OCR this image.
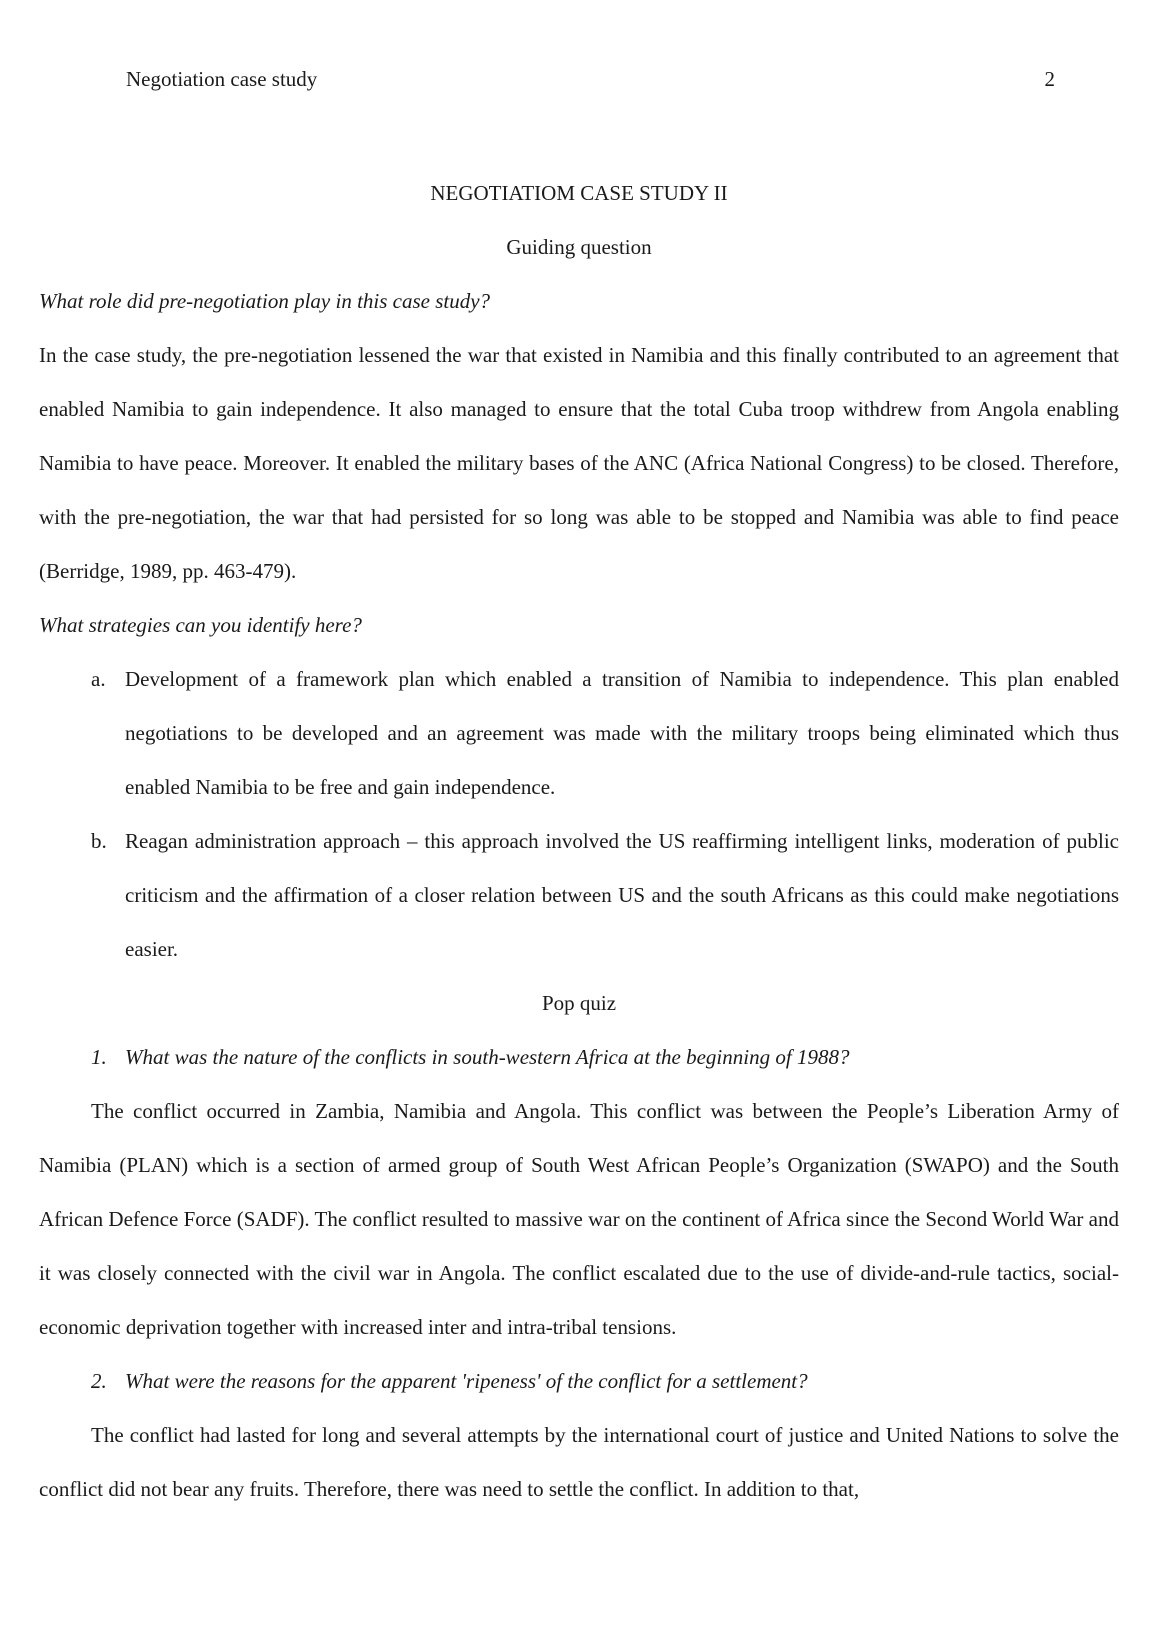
Negotiation case study	2

NEGOTIATIOM CASE STUDY II

Guiding question

What role did pre-negotiation play in this case study?

In the case study, the pre-negotiation lessened the war that existed in Namibia and this finally contributed to an agreement that enabled Namibia to gain independence. It also managed to ensure that the total Cuba troop withdrew from Angola enabling Namibia to have peace. Moreover. It enabled the military bases of the ANC (Africa National Congress) to be closed. Therefore, with the pre-negotiation, the war that had persisted for so long was able to be stopped and Namibia was able to find peace (Berridge, 1989, pp. 463-479).

What strategies can you identify here?

a. Development of a framework plan which enabled a transition of Namibia to independence. This plan enabled negotiations to be developed and an agreement was made with the military troops being eliminated which thus enabled Namibia to be free and gain independence.
b. Reagan administration approach – this approach involved the US reaffirming intelligent links, moderation of public criticism and the affirmation of a closer relation between US and the south Africans as this could make negotiations easier.

Pop quiz

1. What was the nature of the conflicts in south-western Africa at the beginning of 1988?

The conflict occurred in Zambia, Namibia and Angola. This conflict was between the People’s Liberation Army of Namibia (PLAN) which is a section of armed group of South West African People’s Organization (SWAPO) and the South African Defence Force (SADF). The conflict resulted to massive war on the continent of Africa since the Second World War and it was closely connected with the civil war in Angola. The conflict escalated due to the use of divide-and-rule tactics, social-economic deprivation together with increased inter and intra-tribal tensions.

2. What were the reasons for the apparent 'ripeness' of the conflict for a settlement?

The conflict had lasted for long and several attempts by the international court of justice and United Nations to solve the conflict did not bear any fruits. Therefore, there was need to settle the conflict. In addition to that,
